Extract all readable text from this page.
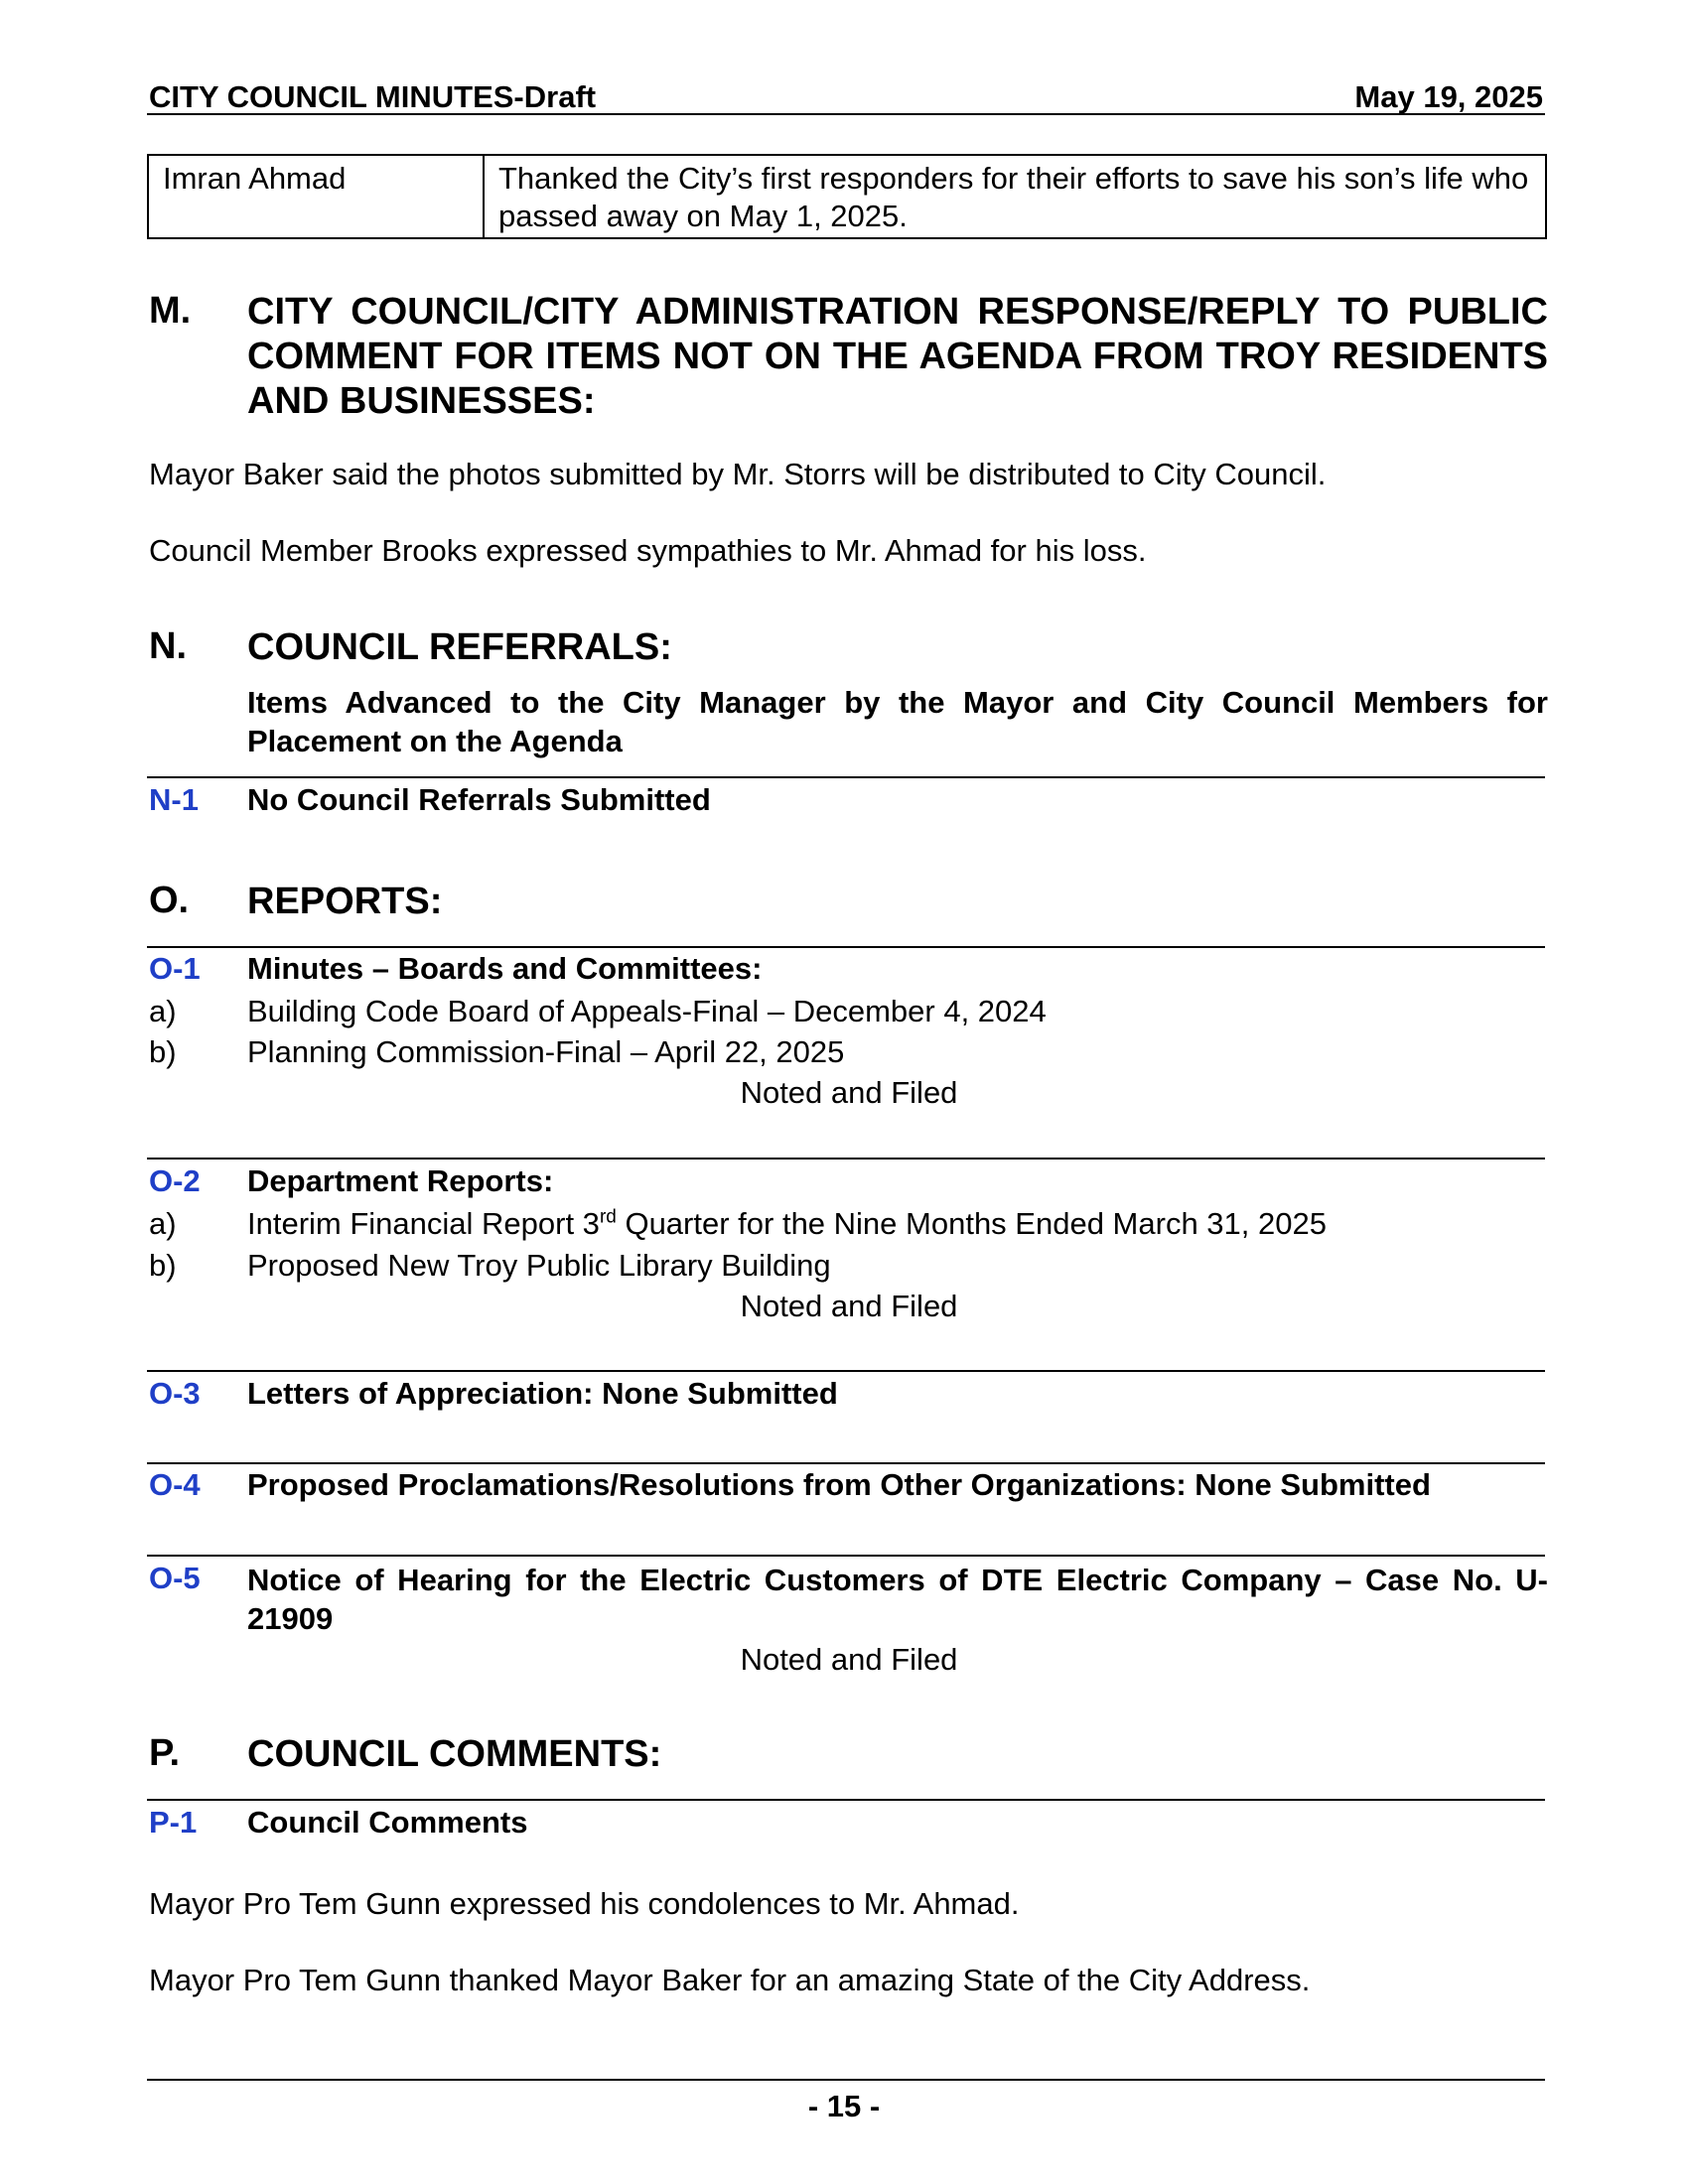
CITY COUNCIL MINUTES-Draft	May 19, 2025
Imran Ahmad	Thanked the City’s first responders for their efforts to save his son’s life who passed away on May 1, 2025.
M. CITY COUNCIL/CITY ADMINISTRATION RESPONSE/REPLY TO PUBLIC COMMENT FOR ITEMS NOT ON THE AGENDA FROM TROY RESIDENTS AND BUSINESSES:
Mayor Baker said the photos submitted by Mr. Storrs will be distributed to City Council.
Council Member Brooks expressed sympathies to Mr. Ahmad for his loss.
N. COUNCIL REFERRALS:
Items Advanced to the City Manager by the Mayor and City Council Members for Placement on the Agenda
N-1 No Council Referrals Submitted
O. REPORTS:
O-1 Minutes – Boards and Committees:
a) Building Code Board of Appeals-Final – December 4, 2024
b) Planning Commission-Final – April 22, 2025
Noted and Filed
O-2 Department Reports:
a) Interim Financial Report 3rd Quarter for the Nine Months Ended March 31, 2025
b) Proposed New Troy Public Library Building
Noted and Filed
O-3 Letters of Appreciation: None Submitted
O-4 Proposed Proclamations/Resolutions from Other Organizations: None Submitted
O-5 Notice of Hearing for the Electric Customers of DTE Electric Company – Case No. U-21909
Noted and Filed
P. COUNCIL COMMENTS:
P-1 Council Comments
Mayor Pro Tem Gunn expressed his condolences to Mr. Ahmad.
Mayor Pro Tem Gunn thanked Mayor Baker for an amazing State of the City Address.
- 15 -
